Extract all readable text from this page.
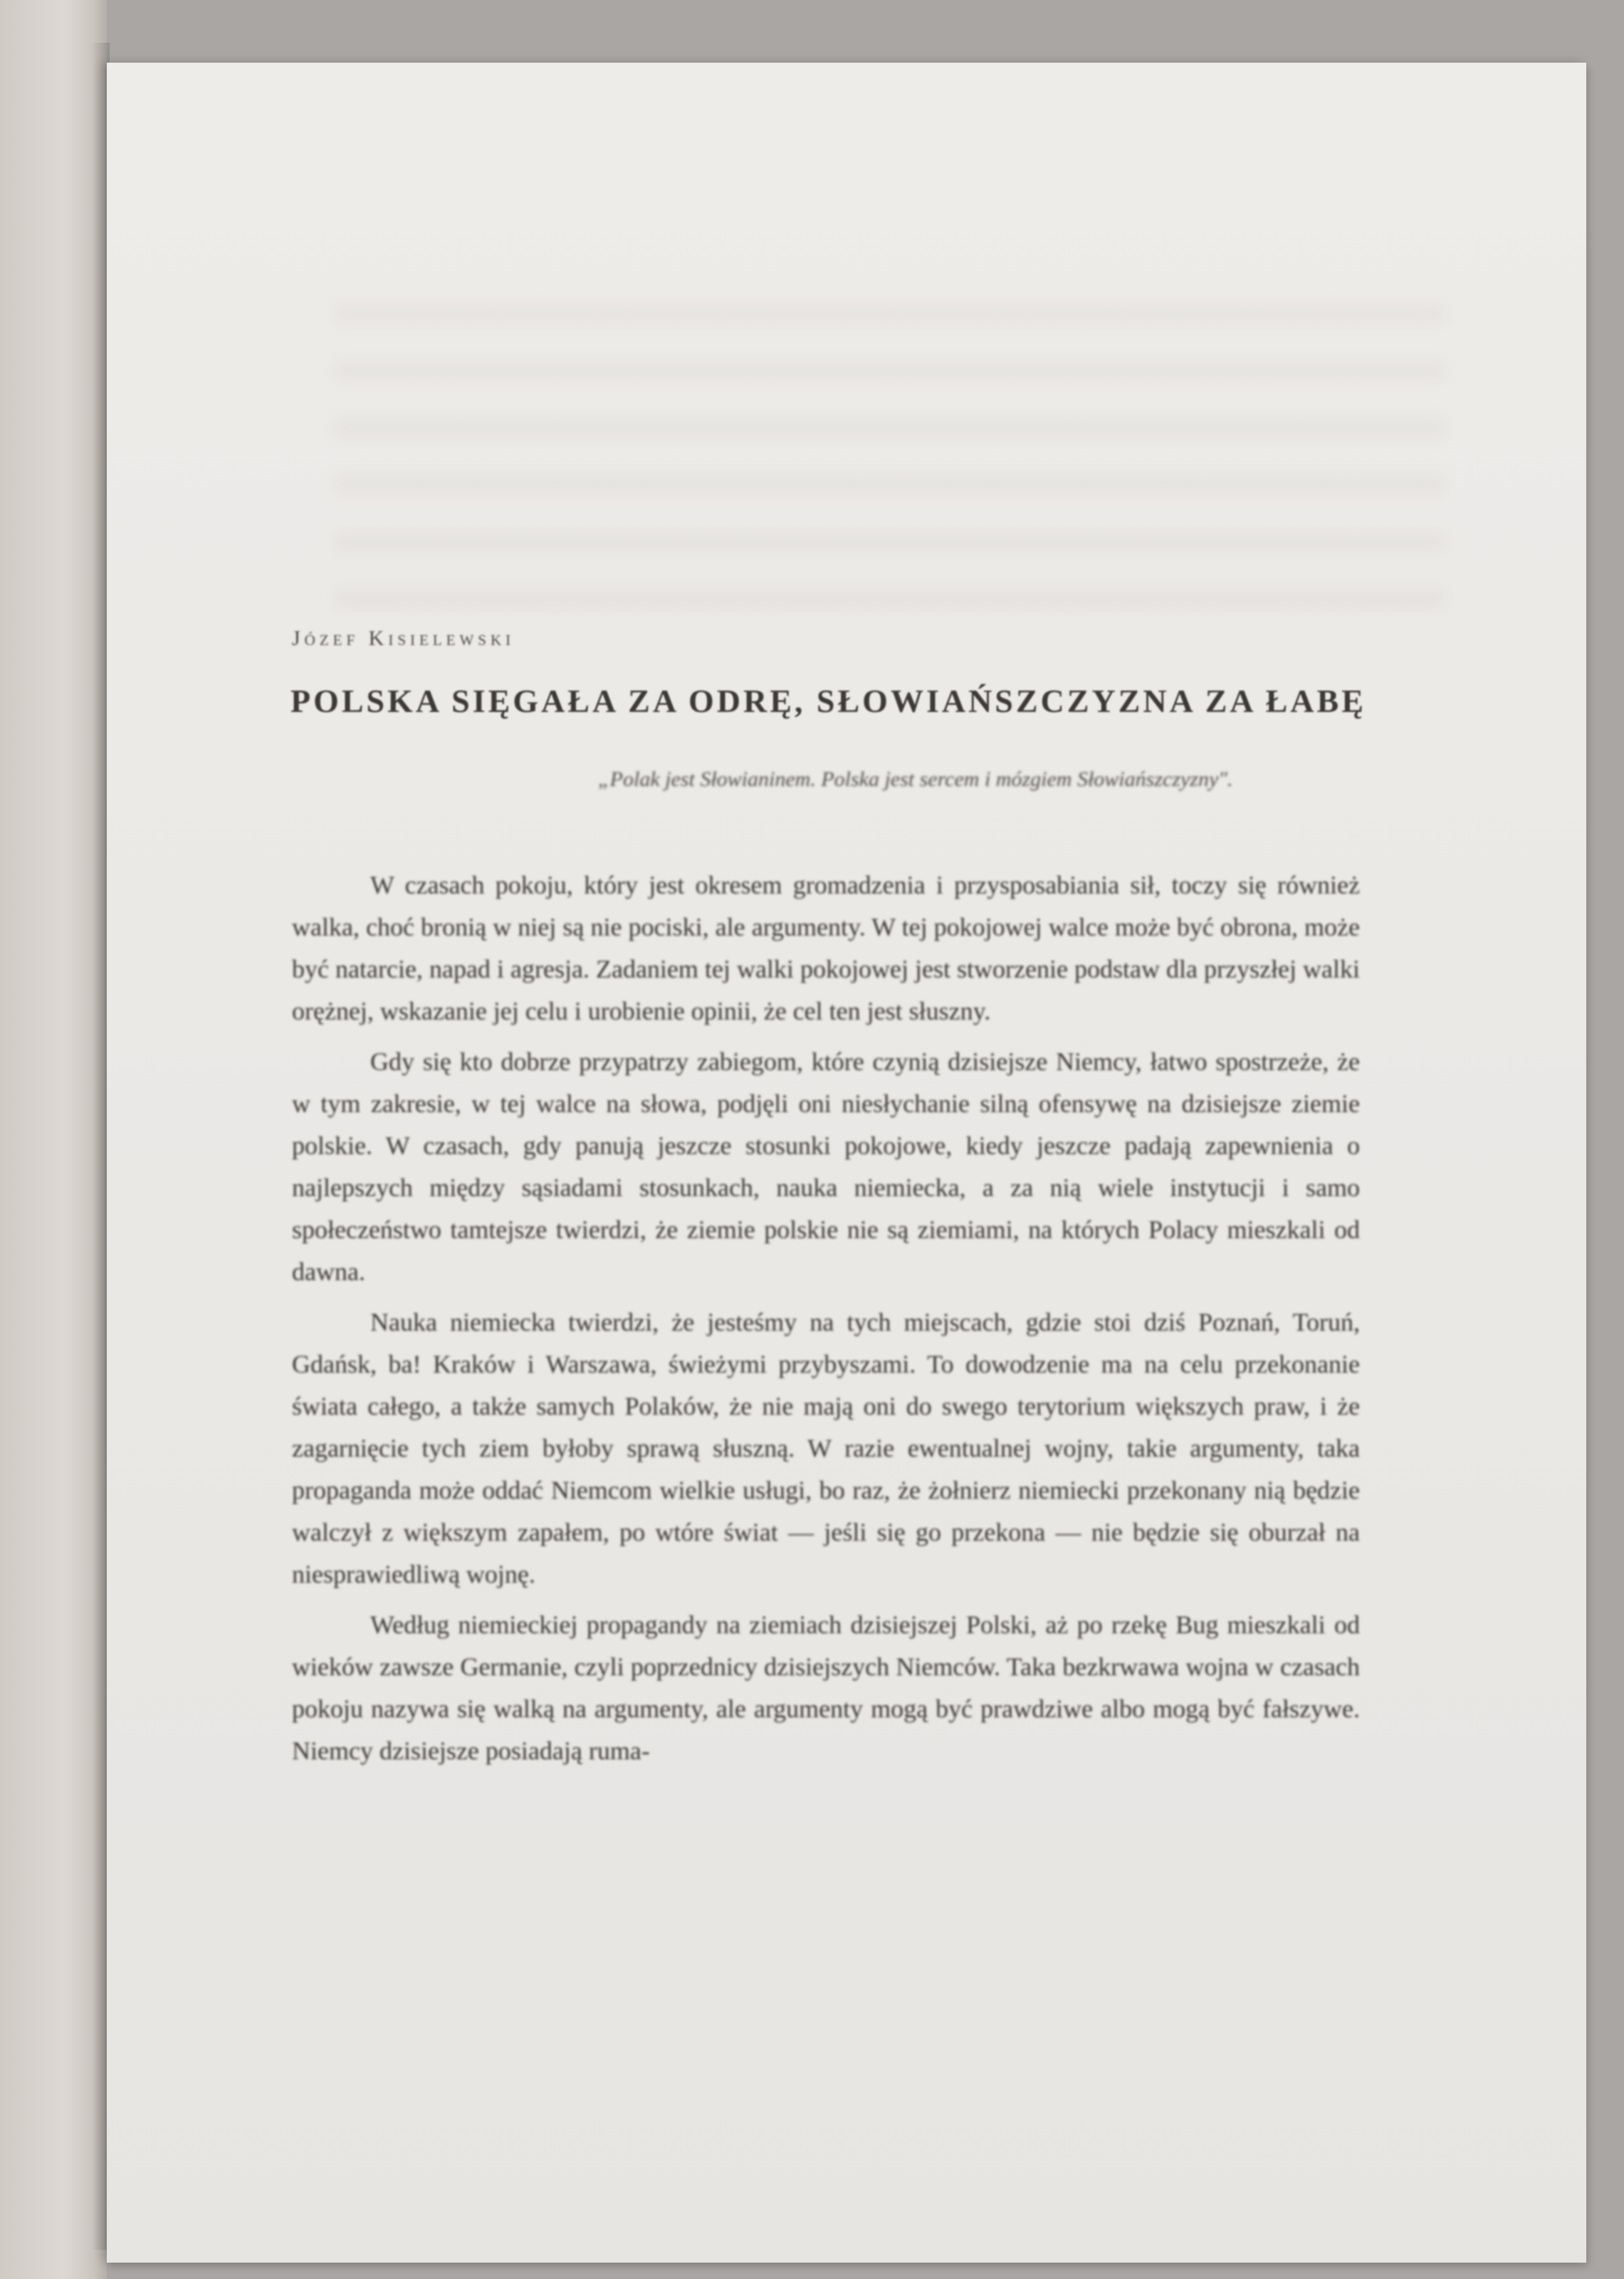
Józef Kisielewski
POLSKA SIĘGAŁA ZA ODRĘ, SŁOWIAŃSZCZYZNA ZA ŁABĘ
„Polak jest Słowianinem. Polska jest sercem i mózgiem Słowiańszczyzny".

W czasach pokoju, który jest okresem gromadzenia i przysposabiania sił, toczy się również walka, choć bronią w niej są nie pociski, ale argumenty. W tej pokojowej walce może być obrona, może być natarcie, napad i agresja. Zadaniem tej walki pokojowej jest stworzenie podstaw dla przyszłej walki orężnej, wskazanie jej celu i urobienie opinii, że cel ten jest słuszny.

Gdy się kto dobrze przypatrzy zabiegom, które czynią dzisiejsze Niemcy, łatwo spostrzeże, że w tym zakresie, w tej walce na słowa, podjęli oni niesłychanie silną ofensywę na dzisiejsze ziemie polskie. W czasach, gdy panują jeszcze stosunki pokojowe, kiedy jeszcze padają zapewnienia o najlepszych między sąsiadami stosunkach, nauka niemiecka, a za nią wiele instytucji i samo społeczeństwo tamtejsze twierdzi, że ziemie polskie nie są ziemiami, na których Polacy mieszkali od dawna.

Nauka niemiecka twierdzi, że jesteśmy na tych miejscach, gdzie stoi dziś Poznań, Toruń, Gdańsk, ba! Kraków i Warszawa, świeżymi przybyszami. To dowodzenie ma na celu przekonanie świata całego, a także samych Polaków, że nie mają oni do swego terytorium większych praw, i że zagarnięcie tych ziem byłoby sprawą słuszną. W razie ewentualnej wojny, takie argumenty, taka propaganda może oddać Niemcom wielkie usługi, bo raz, że żołnierz niemiecki przekonany nią będzie walczył z większym zapałem, po wtóre świat — jeśli się go przekona — nie będzie się oburzał na niesprawiedliwą wojnę.

Według niemieckiej propagandy na ziemiach dzisiejszej Polski, aż po rzekę Bug mieszkali od wieków zawsze Germanie, czyli poprzednicy dzisiejszych Niemców. Taka bezkrwawa wojna w czasach pokoju nazywa się walką na argumenty, ale argumenty mogą być prawdziwe albo mogą być fałszywe. Niemcy dzisiejsze posiadają ruma-
